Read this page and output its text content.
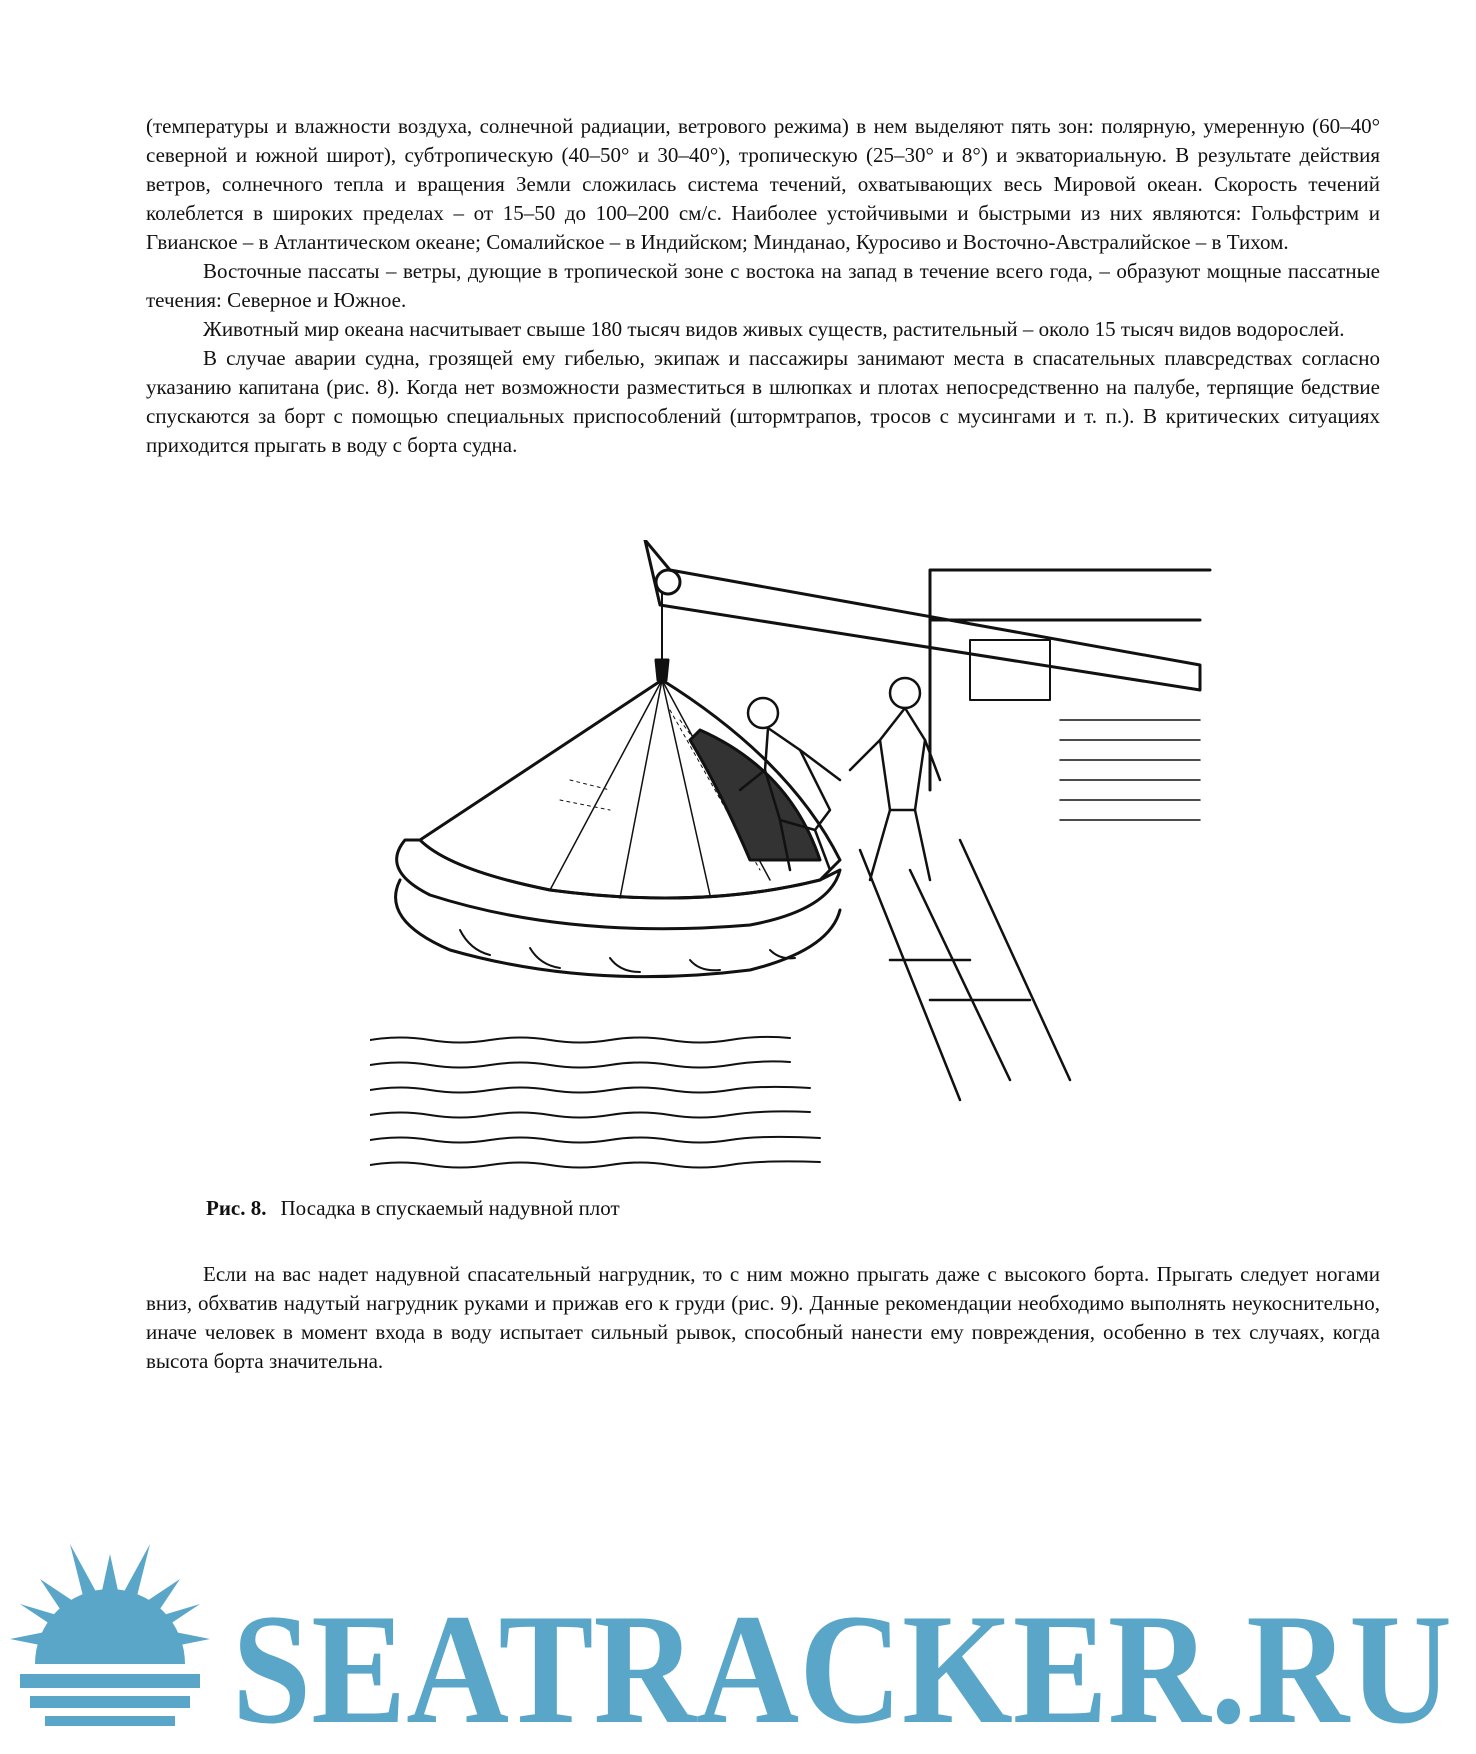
(температуры и влажности воздуха, солнечной радиации, ветрового режима) в нем выделяют пять зон: полярную, умеренную (60–40° северной и южной широт), субтропическую (40–50° и 30–40°), тропическую (25–30° и 8°) и экваториальную. В результате действия ветров, солнечного тепла и вращения Земли сложилась система течений, охватывающих весь Мировой океан. Скорость течений колеблется в широких пределах – от 15–50 до 100–200 см/с. Наиболее устойчивыми и быстрыми из них являются: Гольфстрим и Гвианское – в Атлантическом океане; Сомалийское – в Индийском; Минданао, Куросиво и Восточно-Австралийское – в Тихом.

Восточные пассаты – ветры, дующие в тропической зоне с востока на запад в течение всего года, – образуют мощные пассатные течения: Северное и Южное.

Животный мир океана насчитывает свыше 180 тысяч видов живых существ, растительный – около 15 тысяч видов водорослей.

В случае аварии судна, грозящей ему гибелью, экипаж и пассажиры занимают места в спасательных плавсредствах согласно указанию капитана (рис. 8). Когда нет возможности разместиться в шлюпках и плотах непосредственно на палубе, терпящие бедствие спускаются за борт с помощью специальных приспособлений (штормтрапов, тросов с мусингами и т. п.). В критических ситуациях приходится прыгать в воду с борта судна.

Рис. 8. Посадка в спускаемый надувной плот

Если на вас надет надувной спасательный нагрудник, то с ним можно прыгать даже с высокого борта. Прыгать следует ногами вниз, обхватив надутый нагрудник руками и прижав его к груди (рис. 9). Данные рекомендации необходимо выполнять неукоснительно, иначе человек в момент входа в воду испытает сильный рывок, способный нанести ему повреждения, особенно в тех случаях, когда высота борта значительна.

SEATRACKER.RU
